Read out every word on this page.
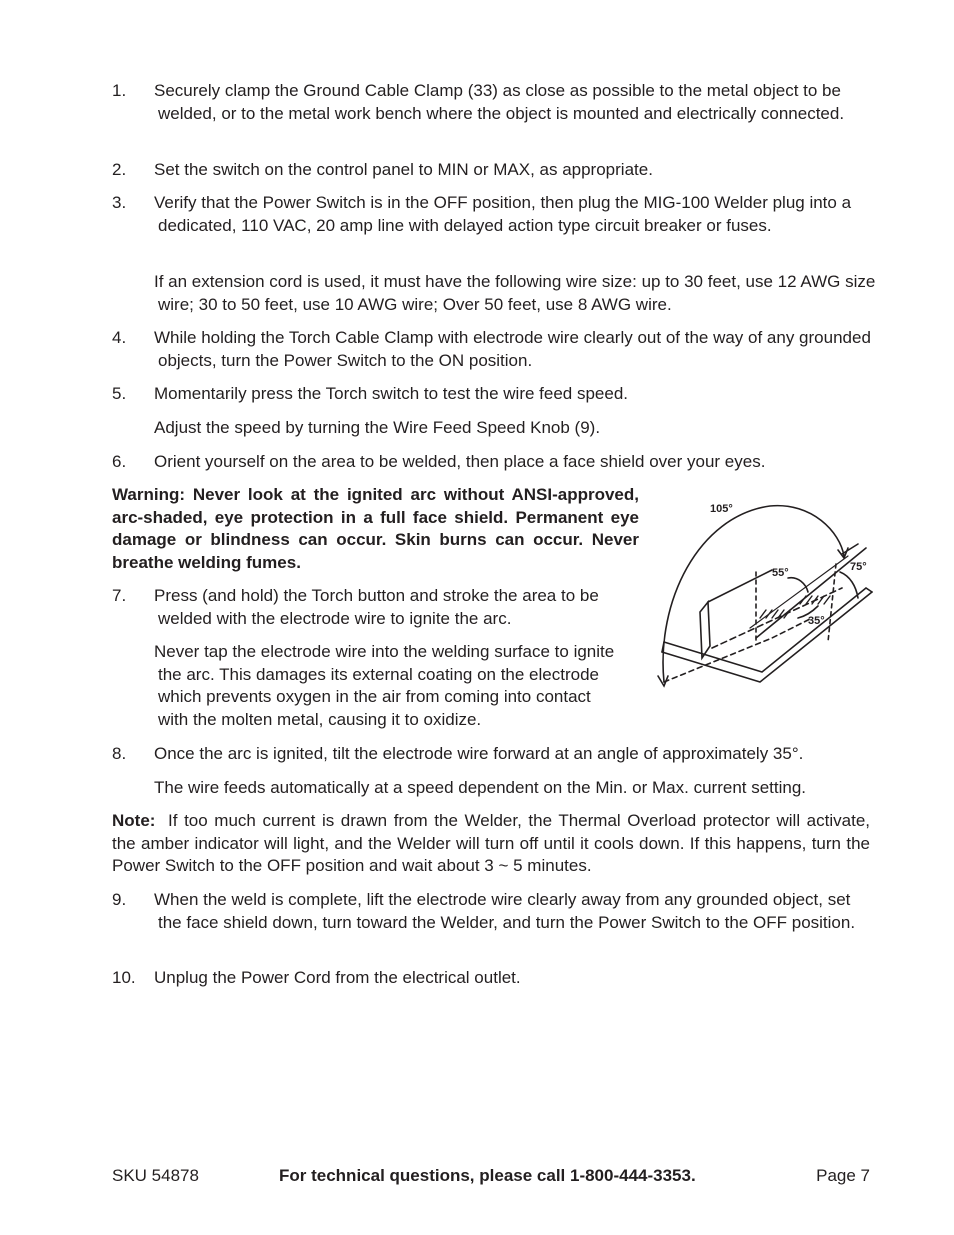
1. Securely clamp the Ground Cable Clamp (33) as close as possible to the metal object to be welded, or to the metal work bench where the object is mounted and electrically connected.
2. Set the switch on the control panel to MIN or MAX, as appropriate.
3. Verify that the Power Switch is in the OFF position, then plug the MIG-100 Welder plug into a dedicated, 110 VAC, 20 amp line with delayed action type circuit breaker or fuses.
If an extension cord is used, it must have the following wire size: up to 30 feet, use 12 AWG size wire; 30 to 50 feet, use 10 AWG wire; Over 50 feet, use 8 AWG wire.
4. While holding the Torch Cable Clamp with electrode wire clearly out of the way of any grounded objects, turn the Power Switch to the ON position.
5. Momentarily press the Torch switch to test the wire feed speed.
Adjust the speed by turning the Wire Feed Speed Knob (9).
6. Orient yourself on the area to be welded, then place a face shield over your eyes.
Warning: Never look at the ignited arc without ANSI-approved, arc-shaded, eye protection in a full face shield. Permanent eye damage or blindness can occur. Skin burns can occur. Never breathe welding fumes.
7. Press (and hold) the Torch button and stroke the area to be welded with the electrode wire to ignite the arc.
Never tap the electrode wire into the welding surface to ignite the arc. This damages its external coating on the electrode which prevents oxygen in the air from coming into contact with the molten metal, causing it to oxidize.
105°
55°	75°
35°
8. Once the arc is ignited, tilt the electrode wire forward at an angle of approximately 35°.
The wire feeds automatically at a speed dependent on the Min. or Max. current setting.
Note: If too much current is drawn from the Welder, the Thermal Overload protector will activate, the amber indicator will light, and the Welder will turn off until it cools down. If this happens, turn the Power Switch to the OFF position and wait about 3 ~ 5 minutes.
9. When the weld is complete, lift the electrode wire clearly away from any grounded object, set the face shield down, turn toward the Welder, and turn the Power Switch to the OFF position.
10. Unplug the Power Cord from the electrical outlet.
SKU 54878	For technical questions, please call 1-800-444-3353.	Page 7
